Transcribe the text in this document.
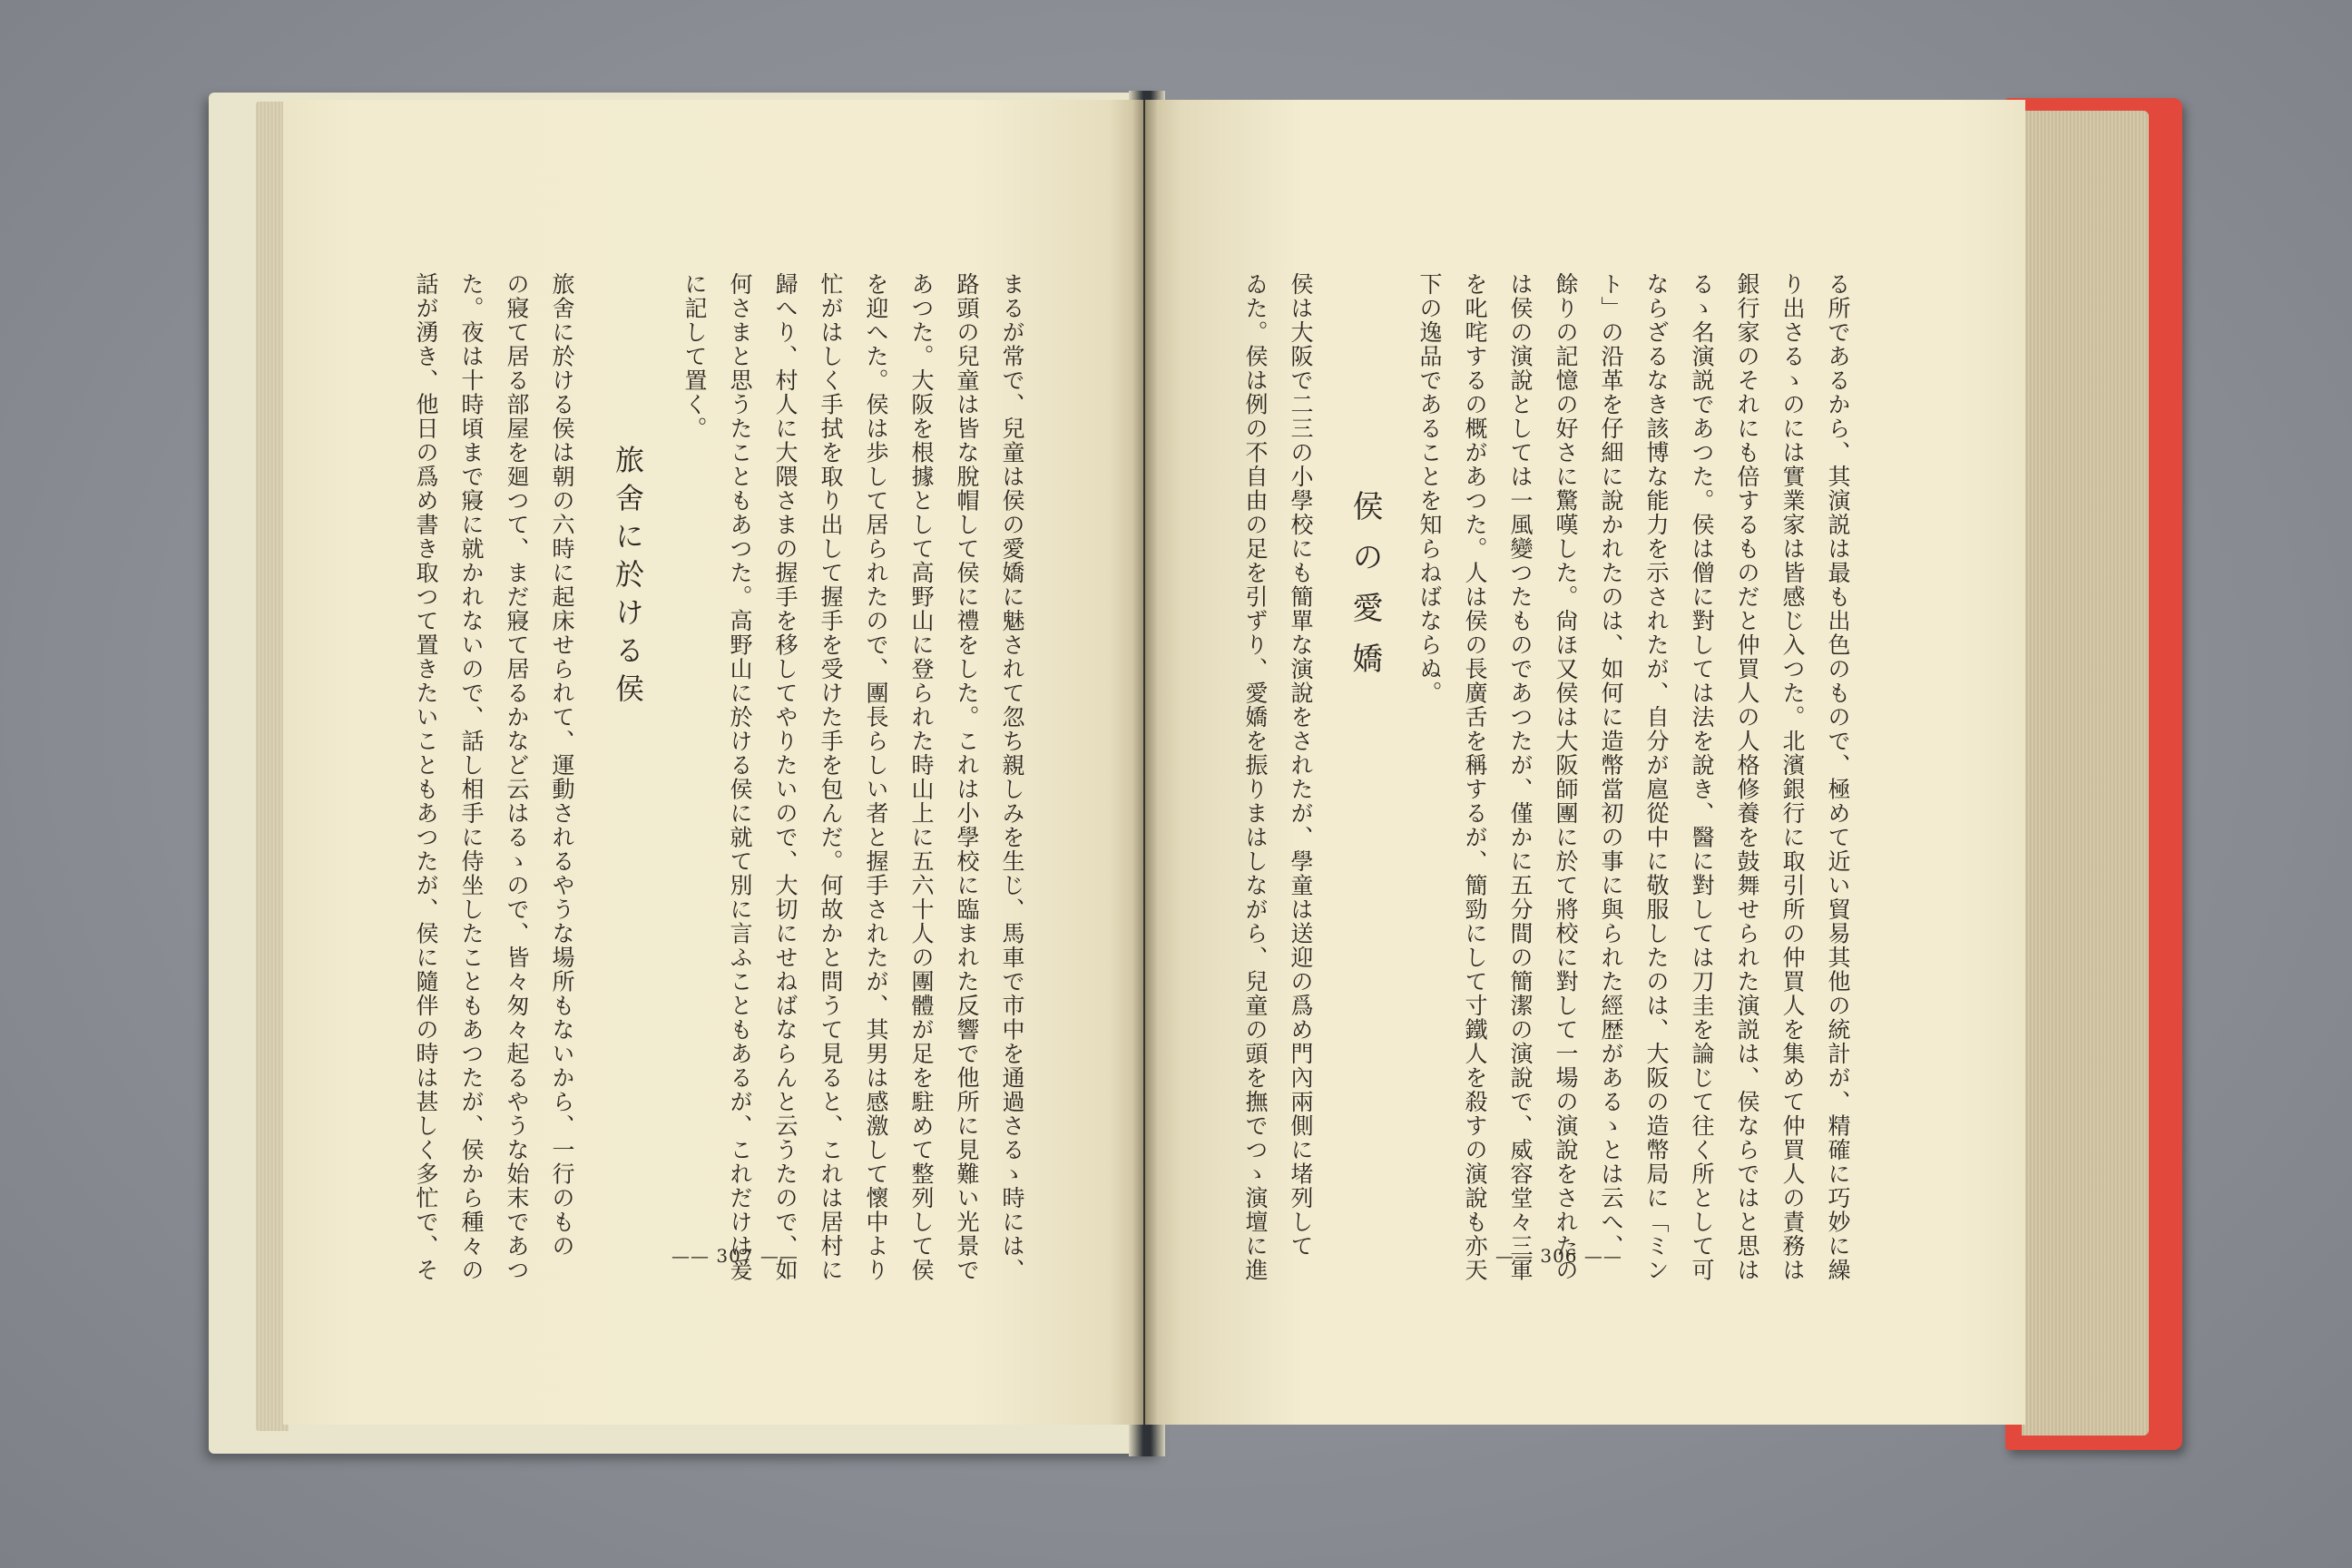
る所であるから、其演説は最も出色のもので、極めて近い貿易其他の統計が、精確に巧妙に繰
り出さるゝのには實業家は皆感じ入つた。北濱銀行に取引所の仲買人を集めて仲買人の責務は
銀行家のそれにも倍するものだと仲買人の人格修養を鼓舞せられた演説は、侯ならではと思は
るゝ名演説であつた。侯は僧に對しては法を說き、醫に對しては刀圭を論じて往く所として可
ならざるなき該博な能力を示されたが、自分が扈從中に敬服したのは、大阪の造幣局に「ミン
ト」の沿革を仔細に說かれたのは、如何に造幣當初の事に與られた經歴があるゝとは云へ、
餘りの記憶の好さに驚嘆した。尙ほ又侯は大阪師團に於て將校に對して一場の演說をされたの
は侯の演說としては一風變つたものであつたが、僅かに五分間の簡潔の演說で、威容堂々三軍
を叱咤するの概があつた。人は侯の長廣舌を稱するが、簡勁にして寸鐵人を殺すの演說も亦天
下の逸品であることを知らねばならぬ。
侯の愛嬌
侯は大阪で二三の小學校にも簡單な演說をされたが、學童は送迎の爲め門內兩側に堵列して
ゐた。侯は例の不自由の足を引ずり、愛嬌を振りまはしながら、兒童の頭を撫でつゝ演壇に進
まるが常で、兒童は侯の愛嬌に魅されて忽ち親しみを生じ、馬車で市中を通過さるゝ時には、
路頭の兒童は皆な脫帽して侯に禮をした。これは小學校に臨まれた反響で他所に見難い光景で
あつた。大阪を根據として高野山に登られた時山上に五六十人の團體が足を駐めて整列して侯
を迎へた。侯は歩して居られたので、團長らしい者と握手されたが、其男は感激して懷中より
忙がはしく手拭を取り出して握手を受けた手を包んだ。何故かと問うて見ると、これは居村に
歸へり、村人に大隈さまの握手を移してやりたいので、大切にせねばならんと云うたので、如
何さまと思うたこともあつた。高野山に於ける侯に就て別に言ふこともあるが、これだけは爰
に記して置く。
旅舍に於ける侯
旅舍に於ける侯は朝の六時に起床せられて、運動されるやうな場所もないから、一行のもの
の寢て居る部屋を廻つて、まだ寢て居るかなど云はるゝので、皆々匆々起るやうな始末であつ
た。夜は十時頃まで寢に就かれないので、話し相手に侍坐したこともあつたが、侯から種々の
話が湧き、他日の爲め書き取つて置きたいこともあつたが、侯に隨伴の時は甚しく多忙で、そ	—— 306 ——
—— 307 ——
